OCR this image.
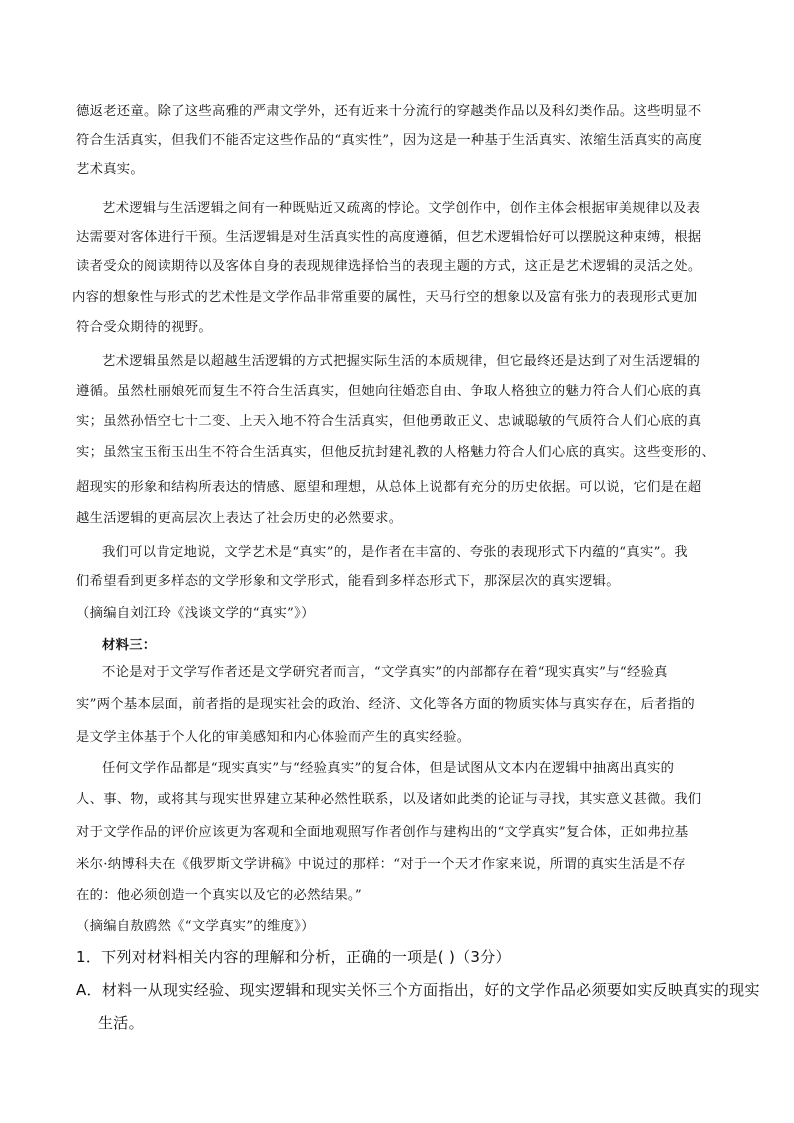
德返老还童。除了这些高雅的严肃文学外，还有近来十分流行的穿越类作品以及科幻类作品。这些明显不
符合生活真实，但我们不能否定这些作品的“真实性”，因为这是一种基于生活真实、浓缩生活真实的高度
艺术真实。
艺术逻辑与生活逻辑之间有一种既贴近又疏离的悖论。文学创作中，创作主体会根据审美规律以及表
达需要对客体进行干预。生活逻辑是对生活真实性的高度遵循，但艺术逻辑恰好可以摆脱这种束缚，根据
读者受众的阅读期待以及客体自身的表现规律选择恰当的表现主题的方式，这正是艺术逻辑的灵活之处。
内容的想象性与形式的艺术性是文学作品非常重要的属性，天马行空的想象以及富有张力的表现形式更加
符合受众期待的视野。
艺术逻辑虽然是以超越生活逻辑的方式把握实际生活的本质规律，但它最终还是达到了对生活逻辑的
遵循。虽然杜丽娘死而复生不符合生活真实，但她向往婚恋自由、争取人格独立的魅力符合人们心底的真
实；虽然孙悟空七十二变、上天入地不符合生活真实，但他勇敢正义、忠诚聪敏的气质符合人们心底的真
实；虽然宝玉衔玉出生不符合生活真实，但他反抗封建礼教的人格魅力符合人们心底的真实。这些变形的、
超现实的形象和结构所表达的情感、愿望和理想，从总体上说都有充分的历史依据。可以说，它们是在超
越生活逻辑的更高层次上表达了社会历史的必然要求。
我们可以肯定地说，文学艺术是“真实”的，是作者在丰富的、夸张的表现形式下内蕴的“真实”。我
们希望看到更多样态的文学形象和文学形式，能看到多样态形式下，那深层次的真实逻辑。
（摘编自刘江玲《浅谈文学的“真实”》）
材料三：
不论是对于文学写作者还是文学研究者而言，“文学真实”的内部都存在着“现实真实”与“经验真
实”两个基本层面，前者指的是现实社会的政治、经济、文化等各方面的物质实体与真实存在，后者指的
是文学主体基于个人化的审美感知和内心体验而产生的真实经验。
任何文学作品都是“现实真实”与“经验真实”的复合体，但是试图从文本内在逻辑中抽离出真实的
人、事、物，或将其与现实世界建立某种必然性联系，以及诸如此类的论证与寻找，其实意义甚微。我们
对于文学作品的评价应该更为客观和全面地观照写作者创作与建构出的“文学真实”复合体，正如弗拉基
米尔·纳博科夫在《俄罗斯文学讲稿》中说过的那样：“对于一个天才作家来说，所谓的真实生活是不存
在的：他必须创造一个真实以及它的必然结果。”
（摘编自敖鸥然《“文学真实”的维度》）
1．下列对材料相关内容的理解和分析，正确的一项是( )（3分）
A．材料一从现实经验、现实逻辑和现实关怀三个方面指出，好的文学作品必须要如实反映真实的现实
生活。
